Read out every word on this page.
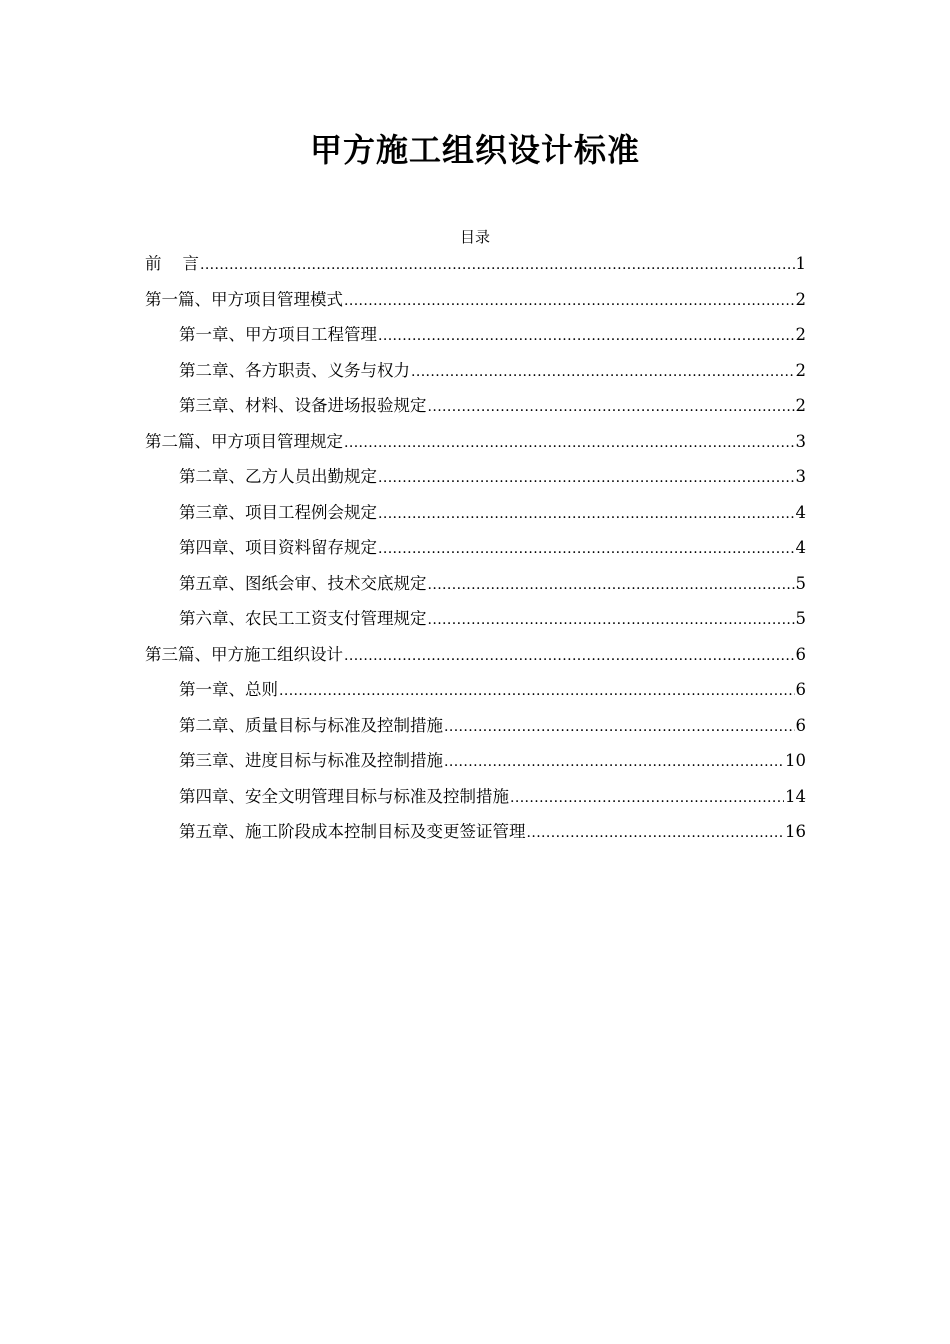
甲方施工组织设计标准
目录
前    言 .....	1
第一篇、甲方项目管理模式 .....	2
第一章、甲方项目工程管理 .....	2
第二章、各方职责、义务与权力 .....	2
第三章、材料、设备进场报验规定 .....	2
第二篇、甲方项目管理规定 .....	3
第二章、乙方人员出勤规定 .....	3
第三章、项目工程例会规定 .....	4
第四章、项目资料留存规定 .....	4
第五章、图纸会审、技术交底规定 .....	5
第六章、农民工工资支付管理规定 .....	5
第三篇、甲方施工组织设计 .....	6
第一章、总则 .....	6
第二章、质量目标与标准及控制措施 .....	6
第三章、进度目标与标准及控制措施 .....	10
第四章、安全文明管理目标与标准及控制措施 .....	14
第五章、施工阶段成本控制目标及变更签证管理 .....	16
